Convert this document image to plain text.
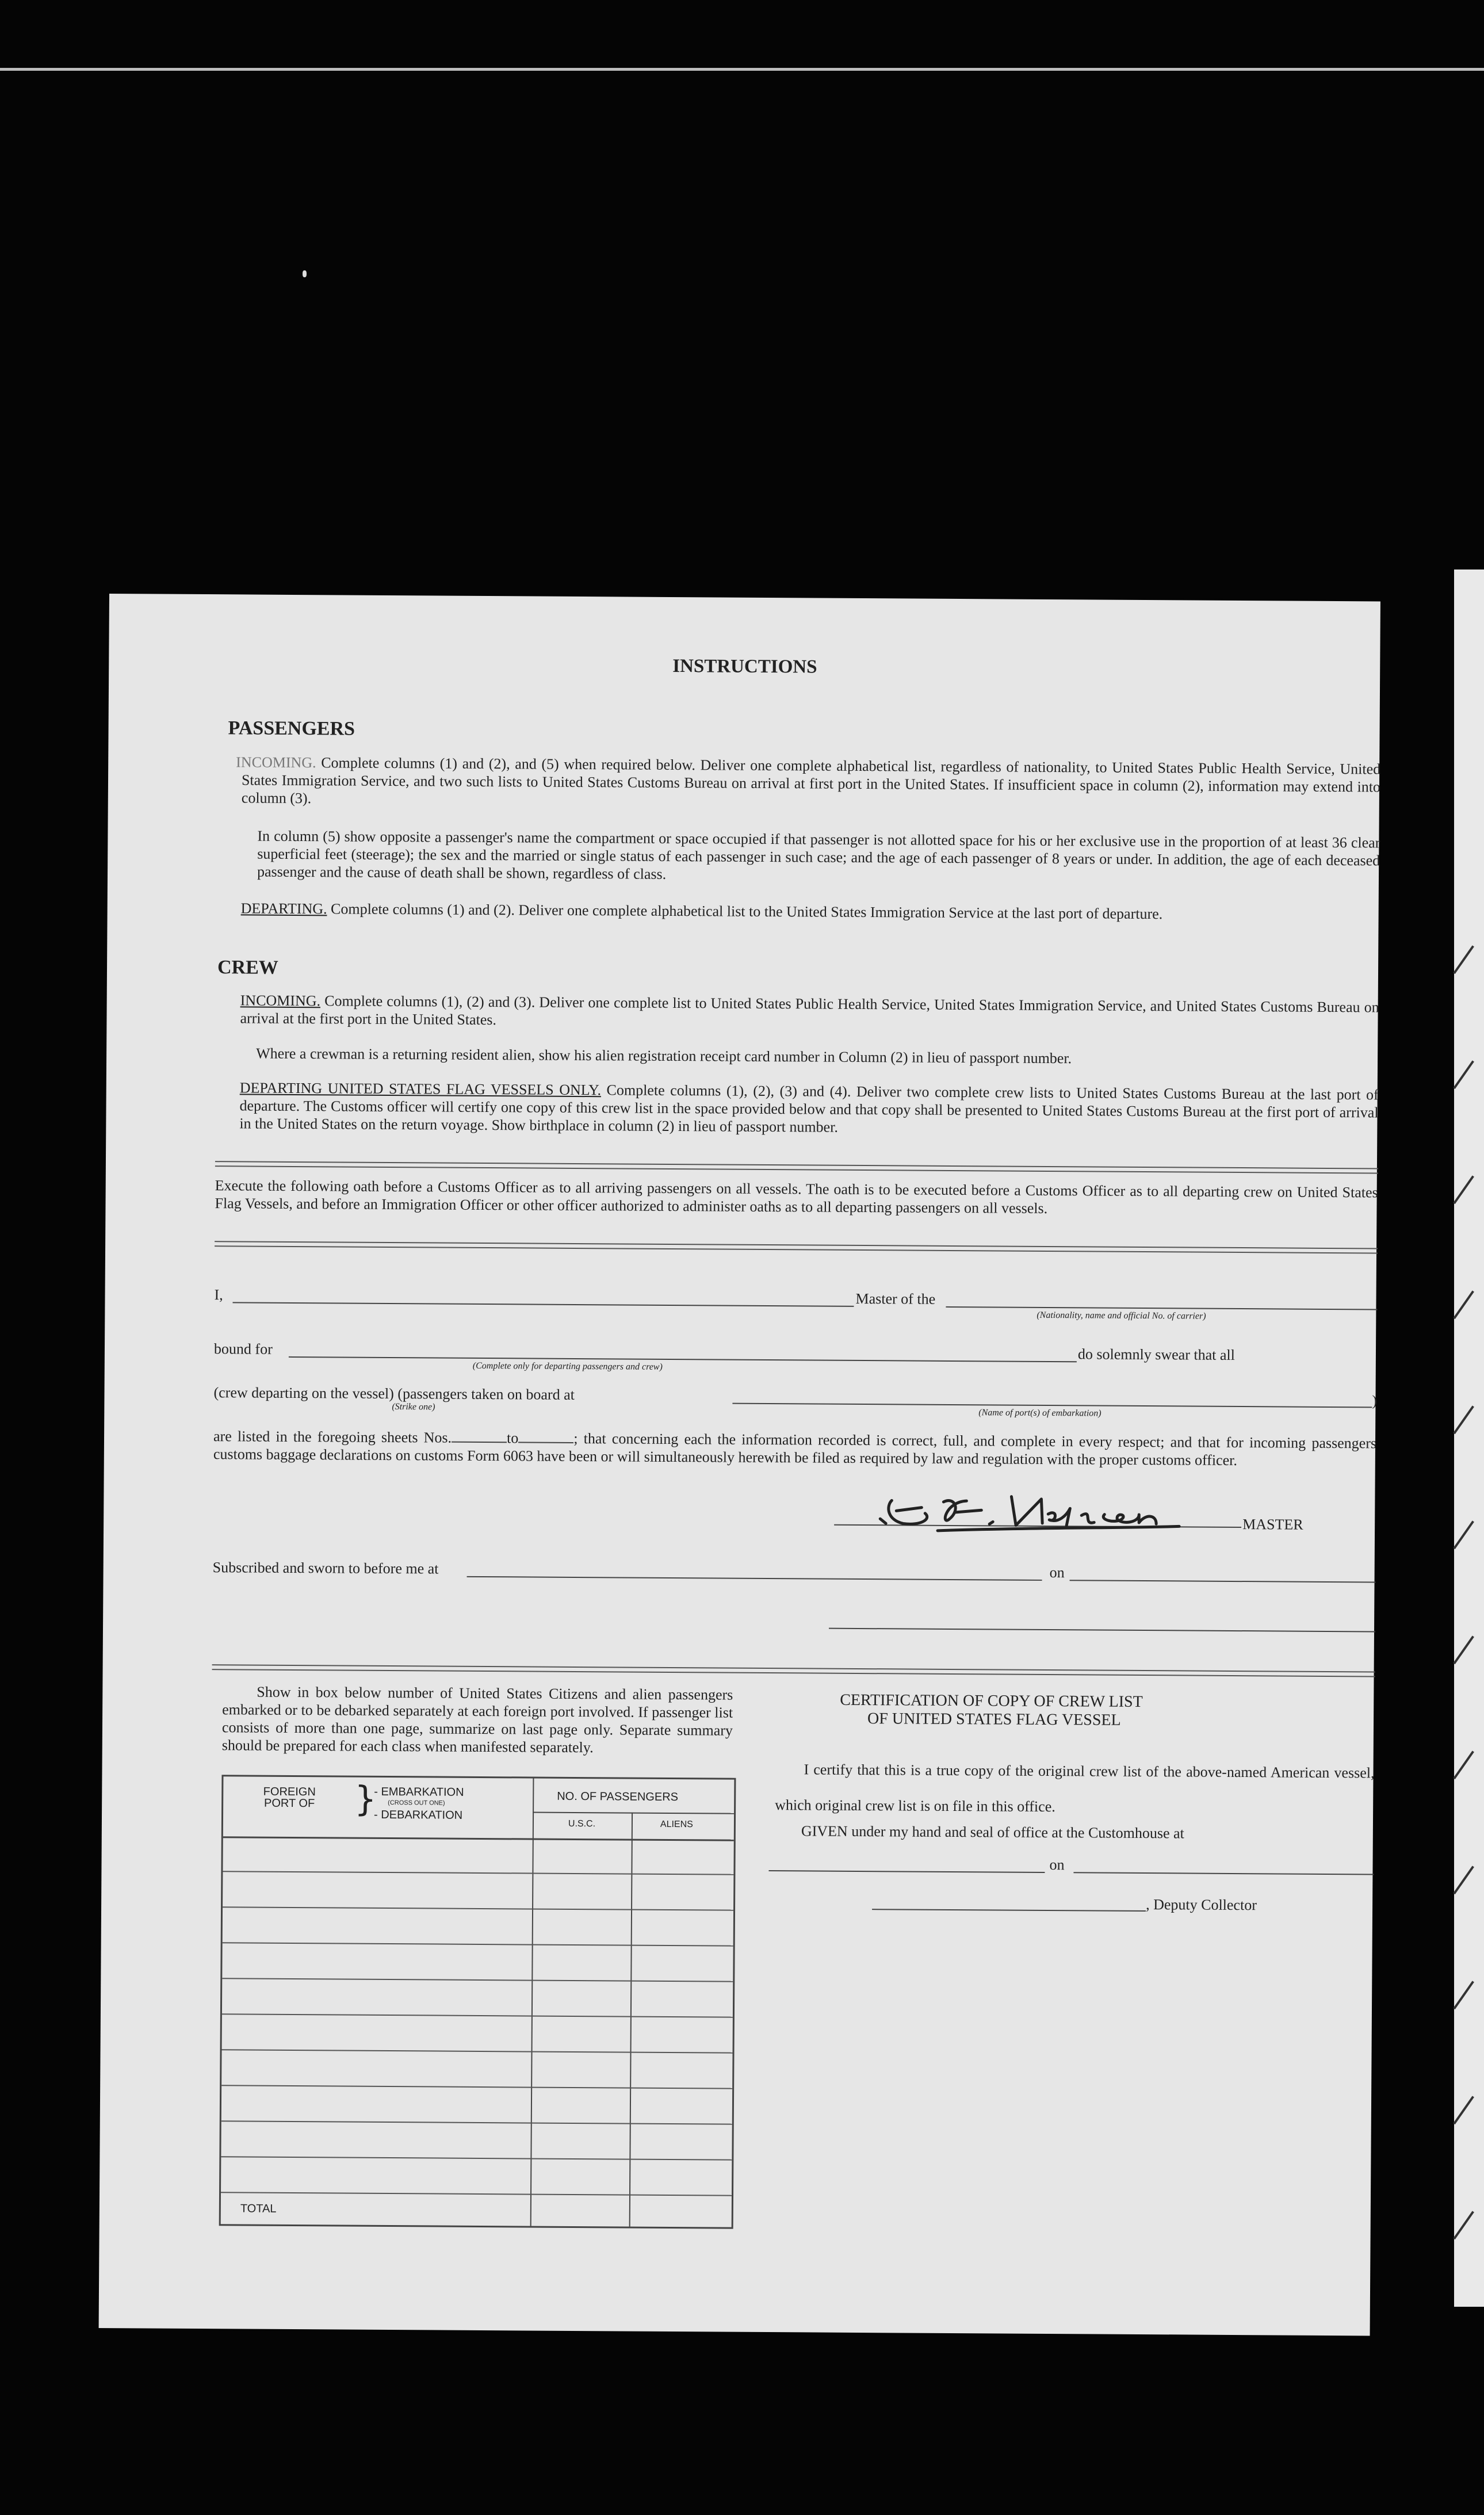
INSTRUCTIONS
PASSENGERS
INCOMING. Complete columns (1) and (2), and (5) when required below. Deliver one complete alphabetical list, regardless of nationality, to United States Public Health Service, United States Immigration Service, and two such lists to United States Customs Bureau on arrival at first port in the United States. If insufficient space in column (2), information may extend into column (3).
In column (5) show opposite a passenger's name the compartment or space occupied if that passenger is not allotted space for his or her exclusive use in the proportion of at least 36 clear superficial feet (steerage); the sex and the married or single status of each passenger in such case; and the age of each passenger of 8 years or under. In addition, the age of each deceased passenger and the cause of death shall be shown, regardless of class.
DEPARTING. Complete columns (1) and (2). Deliver one complete alphabetical list to the United States Immigration Service at the last port of departure.
CREW
INCOMING. Complete columns (1), (2) and (3). Deliver one complete list to United States Public Health Service, United States Immigration Service, and United States Customs Bureau on arrival at the first port in the United States.
Where a crewman is a returning resident alien, show his alien registration receipt card number in Column (2) in lieu of passport number.
DEPARTING UNITED STATES FLAG VESSELS ONLY. Complete columns (1), (2), (3) and (4). Deliver two complete crew lists to United States Customs Bureau at the last port of departure. The Customs officer will certify one copy of this crew list in the space provided below and that copy shall be presented to United States Customs Bureau at the first port of arrival in the United States on the return voyage. Show birthplace in column (2) in lieu of passport number.
Execute the following oath before a Customs Officer as to all arriving passengers on all vessels. The oath is to be executed before a Customs Officer as to all departing crew on United States Flag Vessels, and before an Immigration Officer or other officer authorized to administer oaths as to all departing passengers on all vessels.
I,	Master of the
(Nationality, name and official No. of carrier)
bound for
(Complete only for departing passengers and crew)
do solemnly swear that all
(crew departing on the vessel) (passengers taken on board at
(Strike one)
(Name of port(s) of embarkation)
)
are listed in the foregoing sheets Nos.	to	; that concerning each the information recorded is correct, full, and complete in every respect; and that for incoming passengers customs baggage declarations on customs Form 6063 have been or will simultaneously herewith be filed as required by law and regulation with the proper customs officer.
MASTER
Subscribed and sworn to before me at	on
Show in box below number of United States Citizens and alien passengers embarked or to be debarked separately at each foreign port involved. If passenger list consists of more than one page, summarize on last page only. Separate summary should be prepared for each class when manifested separately.
FOREIGN PORT OF }
- EMBARKATION
(CROSS OUT ONE)
- DEBARKATION
NO. OF PASSENGERS
U.S.C.	ALIENS
TOTAL
CERTIFICATION OF COPY OF CREW LIST
OF UNITED STATES FLAG VESSEL
I certify that this is a true copy of the original crew list of the above-named American vessel, which original crew list is on file in this office.
GIVEN under my hand and seal of office at the Customhouse at
on
, Deputy Collector
